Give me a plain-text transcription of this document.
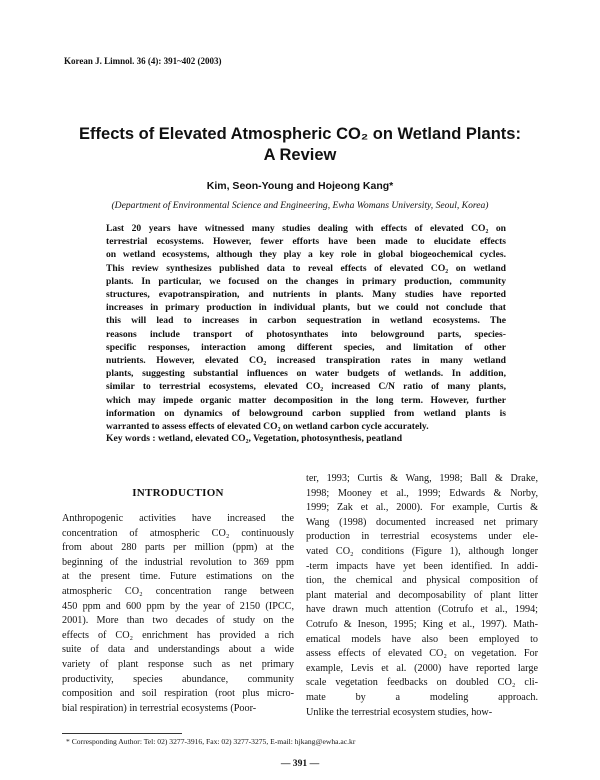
Korean J. Limnol. 36 (4): 391~402 (2003)
Effects of Elevated Atmospheric CO₂ on Wetland Plants:
A Review
Kim, Seon-Young and Hojeong Kang*
(Department of Environmental Science and Engineering, Ewha Womans University, Seoul, Korea)

Last 20 years have witnessed many studies dealing with effects of elevated CO₂ on
terrestrial ecosystems. However, fewer efforts have been made to elucidate effects
on wetland ecosystems, although they play a key role in global biogeochemical cycles.
This review synthesizes published data to reveal effects of elevated CO₂ on wetland
plants. In particular, we focused on the changes in primary production, community
structures, evapotranspiration, and nutrients in plants. Many studies have reported
increases in primary production in individual plants, but we could not conclude that
this will lead to increases in carbon sequestration in wetland ecosystems. The
reasons include transport of photosynthates into belowground parts, species-
specific responses, interaction among different species, and limitation of other
nutrients. However, elevated CO₂ increased transpiration rates in many wetland
plants, suggesting substantial influences on water budgets of wetlands. In addition,
similar to terrestrial ecosystems, elevated CO₂ increased C/N ratio of many plants,
which may impede organic matter decomposition in the long term. However, further
information on dynamics of belowground carbon supplied from wetland plants is
warranted to assess effects of elevated CO₂ on wetland carbon cycle accurately.

Key words : wetland, elevated CO₂, Vegetation, photosynthesis, peatland
INTRODUCTION
Anthropogenic activities have increased the
concentration of atmospheric CO₂ continuously
from about 280 parts per million (ppm) at the
beginning of the industrial revolution to 369 ppm
at the present time. Future estimations on the
atmospheric CO₂ concentration range between
450 ppm and 600 ppm by the year of 2150 (IPCC,
2001). More than two decades of study on the
effects of CO₂ enrichment has provided a rich
suite of data and understandings about a wide
variety of plant response such as net primary
productivity, species abundance, community
composition and soil respiration (root plus micro-
bial respiration) in terrestrial ecosystems (Poor-
ter, 1993; Curtis & Wang, 1998; Ball & Drake,
1998; Mooney et al., 1999; Edwards & Norby,
1999; Zak et al., 2000). For example, Curtis &
Wang (1998) documented increased net primary
production in terrestrial ecosystems under ele-
vated CO₂ conditions (Figure 1), although longer
-term impacts have yet been identified. In addi-
tion, the chemical and physical composition of
plant material and decomposability of plant litter
have drawn much attention (Cotrufo et al., 1994;
Cotrufo & Ineson, 1995; King et al., 1997). Math-
ematical models have also been employed to
assess effects of elevated CO₂ on vegetation. For
example, Levis et al. (2000) have reported large
scale vegetation feedbacks on doubled CO₂ cli-
mate by a modeling approach.
Unlike the terrestrial ecosystem studies, how-
* Corresponding Author: Tel: 02) 3277-3916, Fax: 02) 3277-3275, E-mail: hjkang@ewha.ac.kr
— 391 —
